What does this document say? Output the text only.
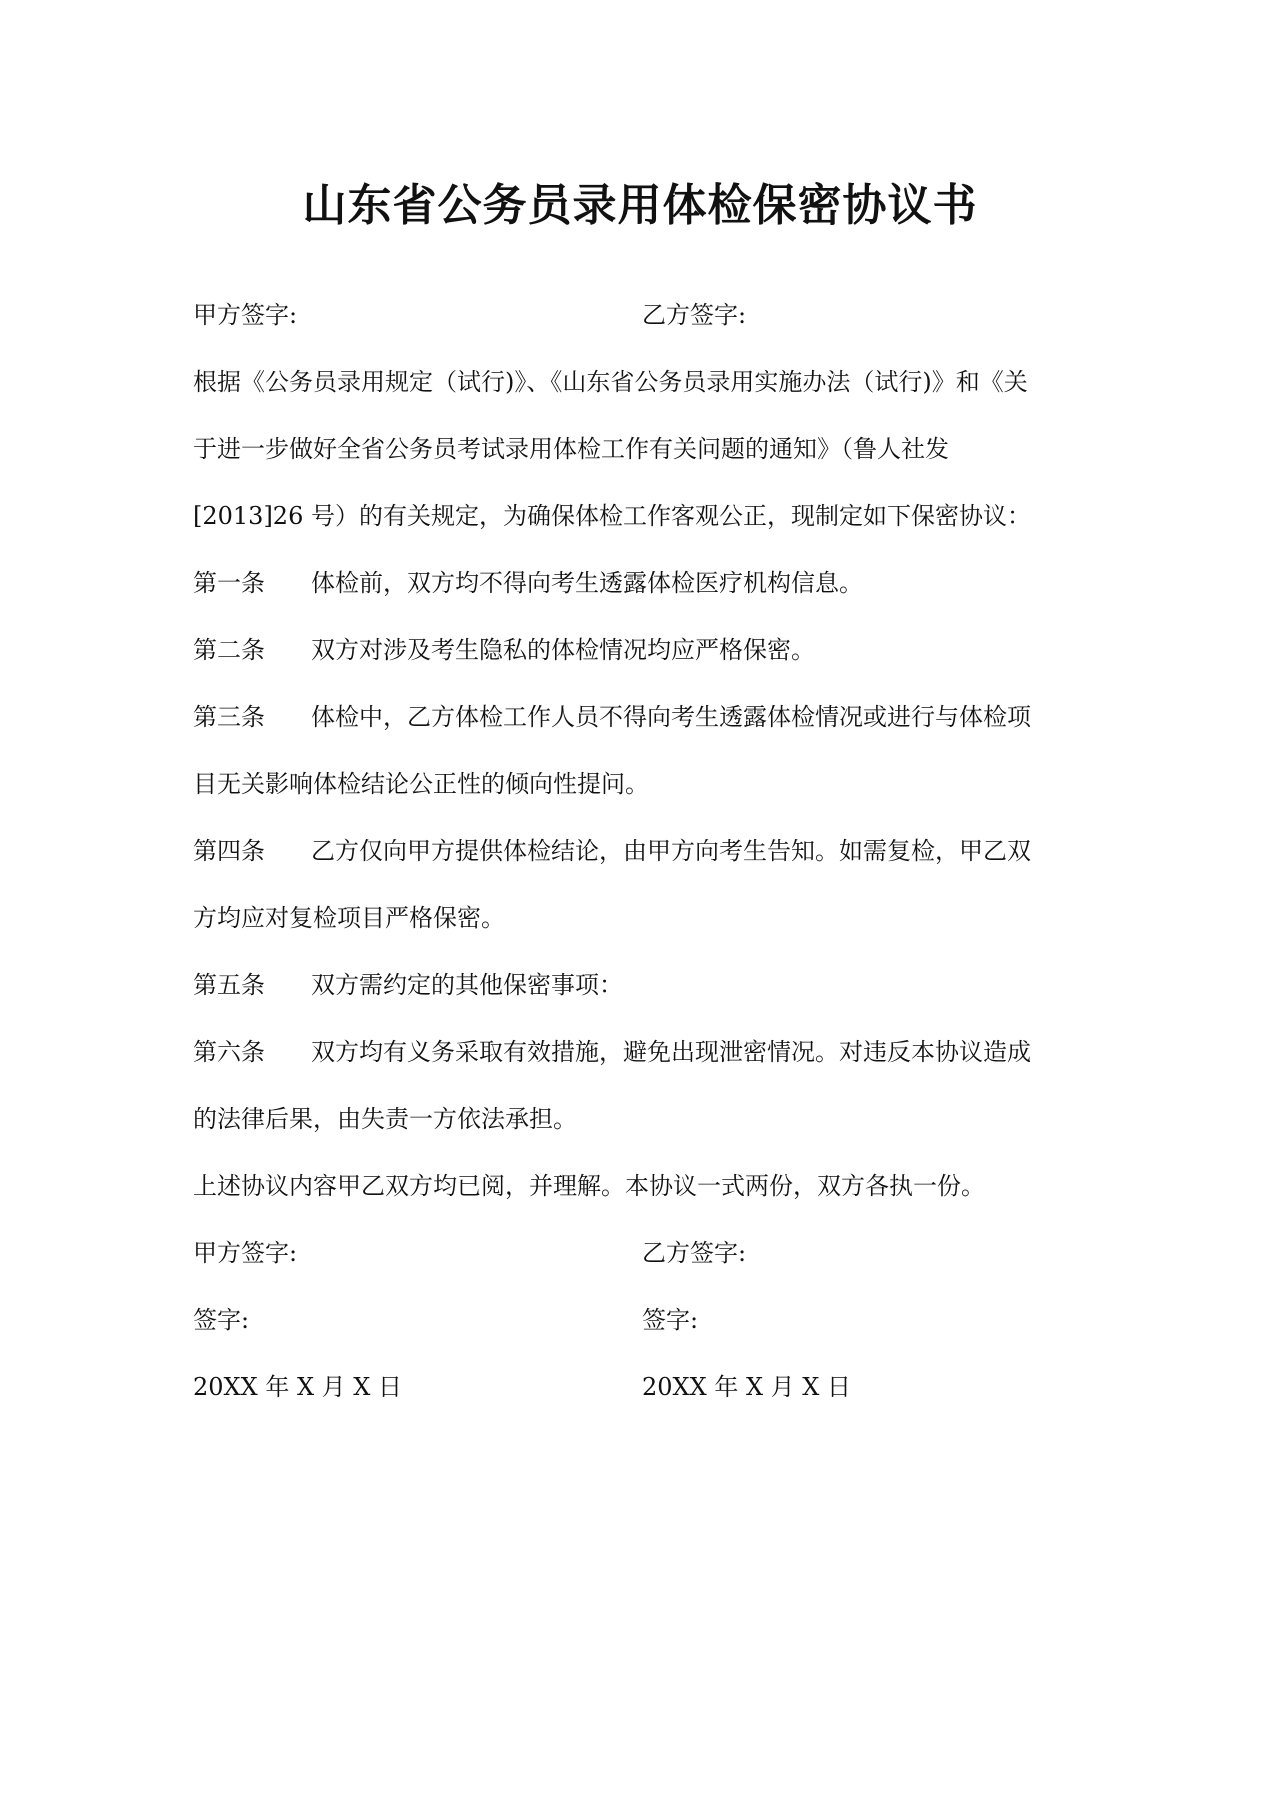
山东省公务员录用体检保密协议书
甲方签字:	乙方签字:
根据《公务员录用规定（试行)》、《山东省公务员录用实施办法（试行)》和《关
于进一步做好全省公务员考试录用体检工作有关问题的通知》（鲁人社发
[2013]26 号）的有关规定，为确保体检工作客观公正，现制定如下保密协议：
第一条 体检前，双方均不得向考生透露体检医疗机构信息。
第二条 双方对涉及考生隐私的体检情况均应严格保密。
第三条 体检中，乙方体检工作人员不得向考生透露体检情况或进行与体检项
目无关影响体检结论公正性的倾向性提问。
第四条 乙方仅向甲方提供体检结论，由甲方向考生告知。如需复检，甲乙双
方均应对复检项目严格保密。
第五条 双方需约定的其他保密事项：
第六条 双方均有义务采取有效措施，避免出现泄密情况。对违反本协议造成
的法律后果，由失责一方依法承担。
上述协议内容甲乙双方均已阅，并理解。本协议一式两份，双方各执一份。
甲方签字:	乙方签字:
签字:	签字:
20XX 年 X 月 X 日	20XX 年 X 月 X 日
